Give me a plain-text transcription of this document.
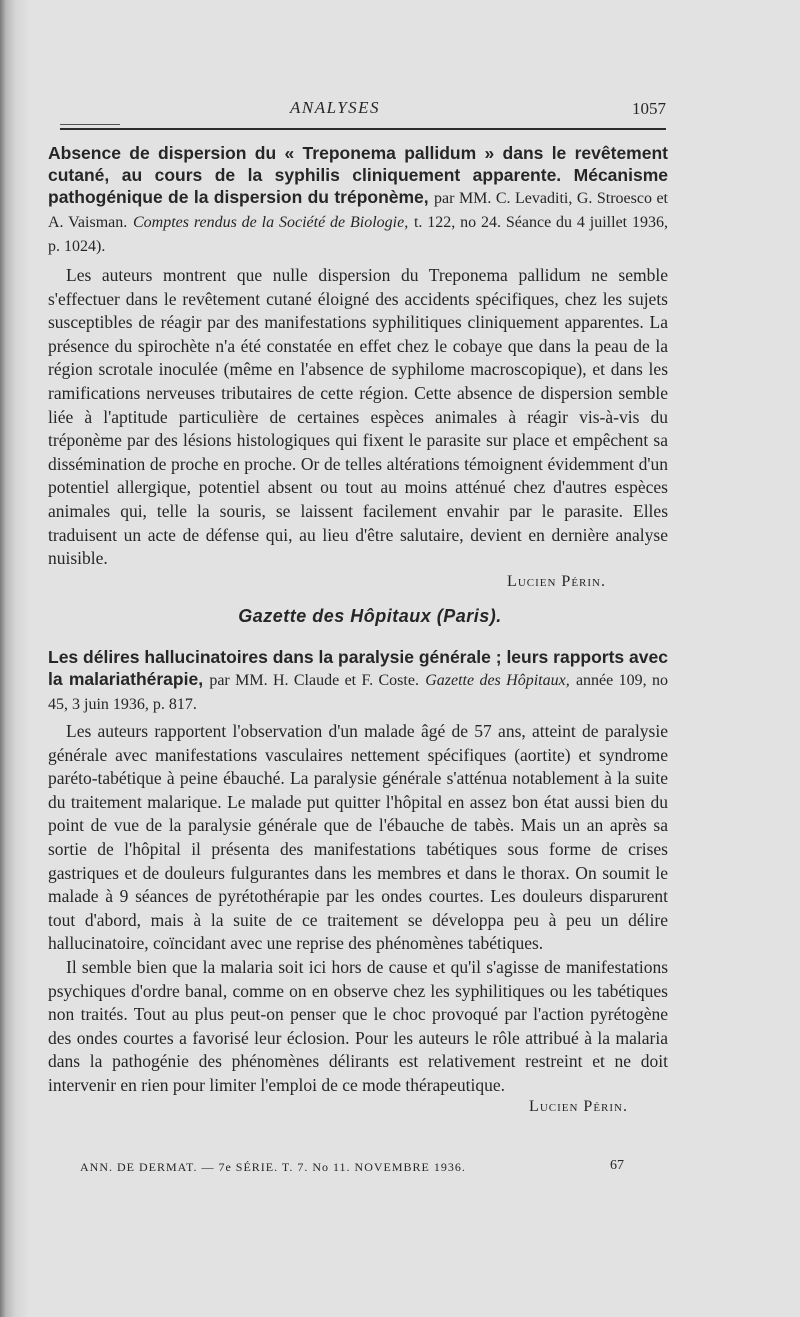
ANALYSES	1057
Absence de dispersion du « Treponema pallidum » dans le revêtement cutané, au cours de la syphilis cliniquement apparente. Mécanisme pathogénique de la dispersion du tréponème, par MM. C. Levaditi, G. Stroesco et A. Vaisman. Comptes rendus de la Société de Biologie, t. 122, no 24. Séance du 4 juillet 1936, p. 1024).
Les auteurs montrent que nulle dispersion du Treponema pallidum ne semble s'effectuer dans le revêtement cutané éloigné des accidents spécifiques, chez les sujets susceptibles de réagir par des manifestations syphilitiques cliniquement apparentes. La présence du spirochète n'a été constatée en effet chez le cobaye que dans la peau de la région scrotale inoculée (même en l'absence de syphilome macroscopique), et dans les ramifications nerveuses tributaires de cette région. Cette absence de dispersion semble liée à l'aptitude particulière de certaines espèces animales à réagir vis-à-vis du tréponème par des lésions histologiques qui fixent le parasite sur place et empêchent sa dissémination de proche en proche. Or de telles altérations témoignent évidemment d'un potentiel allergique, potentiel absent ou tout au moins atténué chez d'autres espèces animales qui, telle la souris, se laissent facilement envahir par le parasite. Elles traduisent un acte de défense qui, au lieu d'être salutaire, devient en dernière analyse nuisible.
Lucien Périn.
Gazette des Hôpitaux (Paris).
Les délires hallucinatoires dans la paralysie générale ; leurs rapports avec la malariathérapie, par MM. H. Claude et F. Coste. Gazette des Hôpitaux, année 109, no 45, 3 juin 1936, p. 817.
Les auteurs rapportent l'observation d'un malade âgé de 57 ans, atteint de paralysie générale avec manifestations vasculaires nettement spécifiques (aortite) et syndrome paréto-tabétique à peine ébauché. La paralysie générale s'atténua notablement à la suite du traitement malarique. Le malade put quitter l'hôpital en assez bon état aussi bien du point de vue de la paralysie générale que de l'ébauche de tabès. Mais un an après sa sortie de l'hôpital il présenta des manifestations tabétiques sous forme de crises gastriques et de douleurs fulgurantes dans les membres et dans le thorax. On soumit le malade à 9 séances de pyrétothérapie par les ondes courtes. Les douleurs disparurent tout d'abord, mais à la suite de ce traitement se développa peu à peu un délire hallucinatoire, coïncidant avec une reprise des phénomènes tabétiques.
Il semble bien que la malaria soit ici hors de cause et qu'il s'agisse de manifestations psychiques d'ordre banal, comme on en observe chez les syphilitiques ou les tabétiques non traités. Tout au plus peut-on penser que le choc provoqué par l'action pyrétogène des ondes courtes a favorisé leur éclosion. Pour les auteurs le rôle attribué à la malaria dans la pathogénie des phénomènes délirants est relativement restreint et ne doit intervenir en rien pour limiter l'emploi de ce mode thérapeutique.
Lucien Périn.
ANN. DE DERMAT. — 7e SÉRIE. T. 7. No 11. NOVEMBRE 1936.	67
